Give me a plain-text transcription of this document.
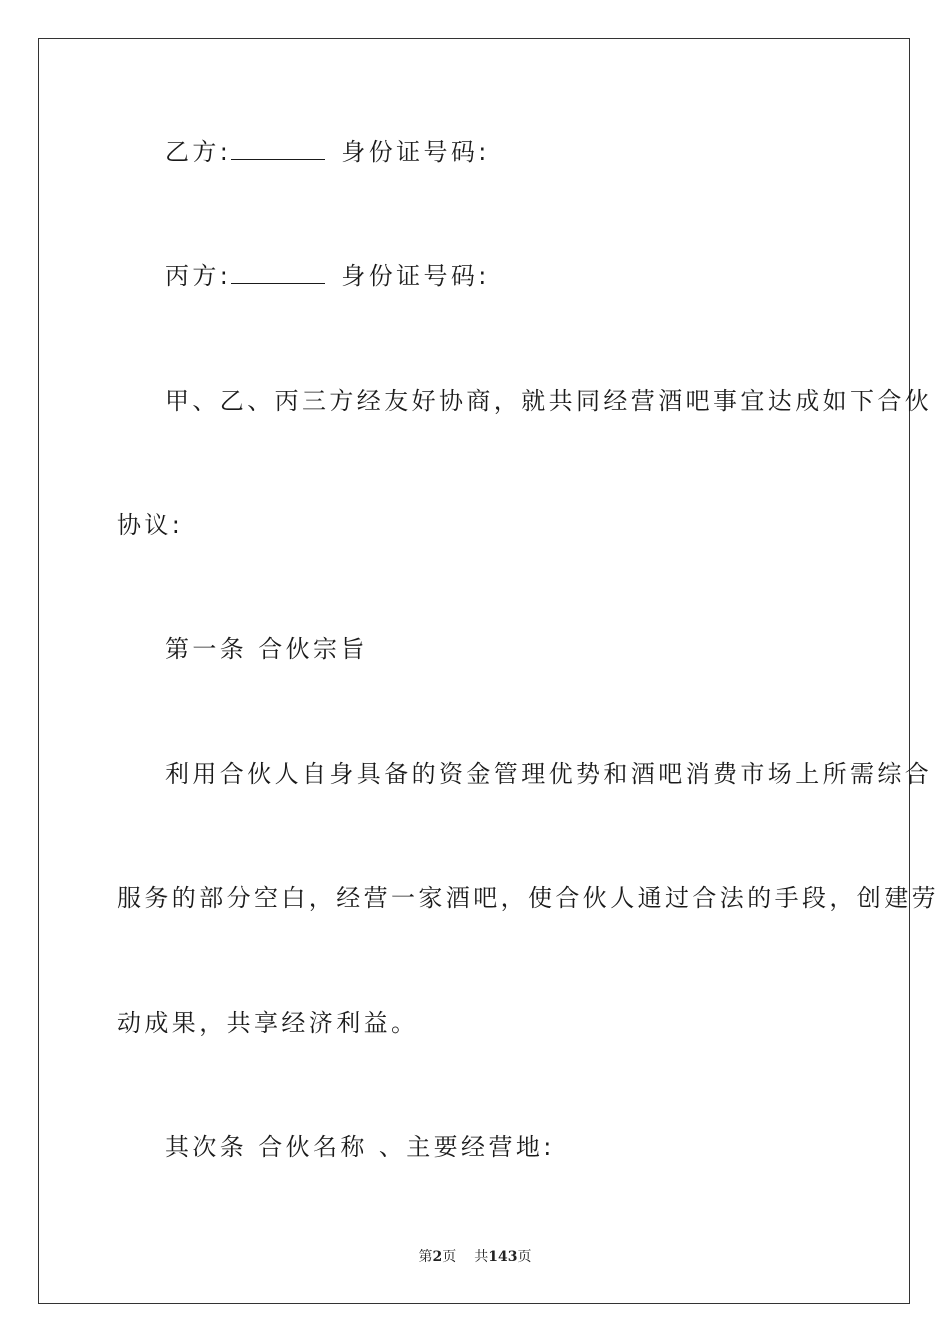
乙方:	身份证号码:
丙方:	身份证号码:
甲、乙、丙三方经友好协商，就共同经营酒吧事宜达成如下合伙
协议:
第一条 合伙宗旨
利用合伙人自身具备的资金管理优势和酒吧消费市场上所需综合
服务的部分空白，经营一家酒吧，使合伙人通过合法的手段，创建劳
动成果，共享经济利益。
其次条 合伙名称 、主要经营地:
第2页 共143页
